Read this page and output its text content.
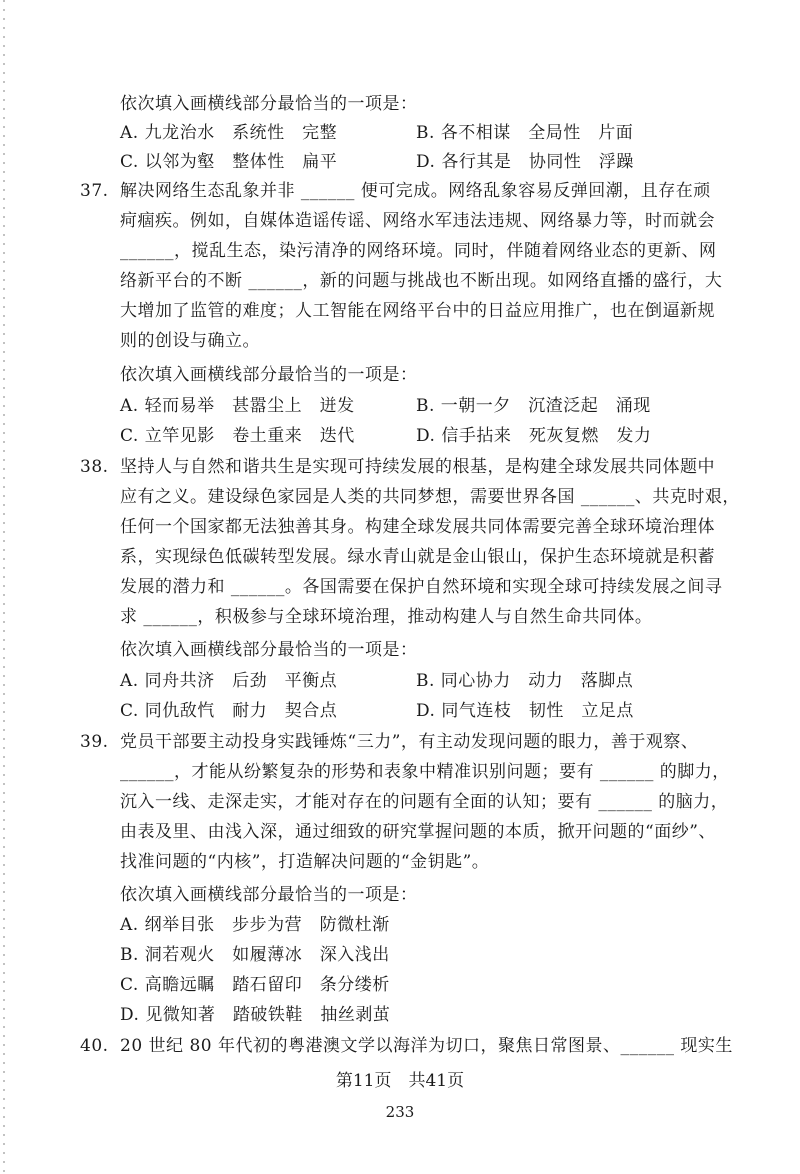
依次填入画横线部分最恰当的一项是：
A. 九龙治水　系统性　完整	B. 各不相谋　全局性　片面
C. 以邻为壑　整体性　扁平	D. 各行其是　协同性　浮躁
37. 解决网络生态乱象并非 ______ 便可完成。网络乱象容易反弹回潮，且存在顽
疴痼疾。例如，自媒体造谣传谣、网络水军违法违规、网络暴力等，时而就会
______，搅乱生态，染污清净的网络环境。同时，伴随着网络业态的更新、网
络新平台的不断 ______，新的问题与挑战也不断出现。如网络直播的盛行，大
大增加了监管的难度；人工智能在网络平台中的日益应用推广，也在倒逼新规
则的创设与确立。
依次填入画横线部分最恰当的一项是：
A. 轻而易举　甚嚣尘上　迸发	B. 一朝一夕　沉渣泛起　涌现
C. 立竿见影　卷土重来　迭代	D. 信手拈来　死灰复燃　发力
38. 坚持人与自然和谐共生是实现可持续发展的根基，是构建全球发展共同体题中
应有之义。建设绿色家园是人类的共同梦想，需要世界各国 ______、共克时艰，
任何一个国家都无法独善其身。构建全球发展共同体需要完善全球环境治理体
系，实现绿色低碳转型发展。绿水青山就是金山银山，保护生态环境就是积蓄
发展的潜力和 ______。各国需要在保护自然环境和实现全球可持续发展之间寻
求 ______，积极参与全球环境治理，推动构建人与自然生命共同体。
依次填入画横线部分最恰当的一项是：
A. 同舟共济　后劲　平衡点	B. 同心协力　动力　落脚点
C. 同仇敌忾　耐力　契合点	D. 同气连枝　韧性　立足点
39. 党员干部要主动投身实践锤炼“三力”，有主动发现问题的眼力，善于观察、
______，才能从纷繁复杂的形势和表象中精准识别问题；要有 ______ 的脚力，
沉入一线、走深走实，才能对存在的问题有全面的认知；要有 ______ 的脑力，
由表及里、由浅入深，通过细致的研究掌握问题的本质，掀开问题的“面纱”、
找准问题的“内核”，打造解决问题的“金钥匙”。
依次填入画横线部分最恰当的一项是：
A. 纲举目张　步步为营　防微杜渐
B. 洞若观火　如履薄冰　深入浅出
C. 高瞻远瞩　踏石留印　条分缕析
D. 见微知著　踏破铁鞋　抽丝剥茧
40. 20 世纪 80 年代初的粤港澳文学以海洋为切口，聚焦日常图景、______ 现实生
第11页　共41页
233
